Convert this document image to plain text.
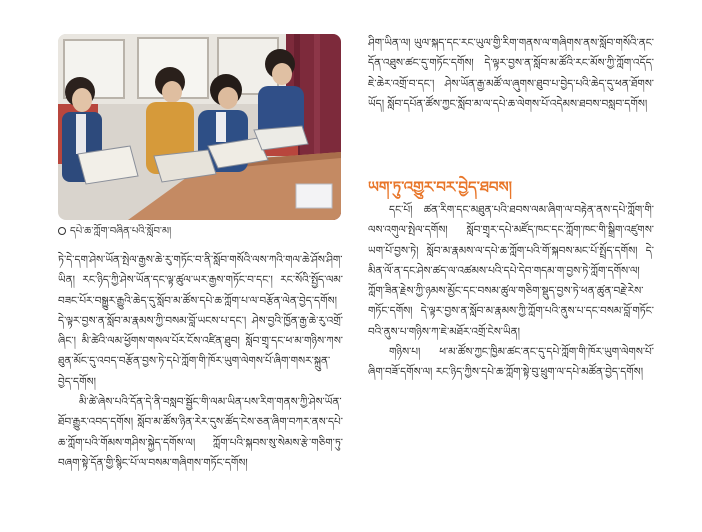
དཔེ་ཆ་ཀློག་བཞིན་པའི་སློབ་མ།
ཏེ་དེ་དག་ཤེས་ཡོན་སྤེལ་རྒྱས་ཆེ་རུ་གཏོང་བ་ནི་སློབ་གསོའི་ལས་ཀའི་གལ་ཆེ་ཤོས་ཤིག་ཡིན། རང་ཉིད་ཀྱི་ཤེས་ཡོན་དང་ལྟ་ཚུལ་ཡར་རྒྱས་གཏོང་བ་དང་། རང་སོའི་སྤྱོད་ལམ་བཟང་པོར་བསྒྱུར་རྒྱུའི་ཆེད་དུ་སློབ་མ་ཚོས་དཔེ་ཆ་ཀློག་པ་ལ་བརྩོན་ལེན་བྱེད་དགོས། དེ་ལྟར་བྱས་ན་སློབ་མ་རྣམས་ཀྱི་བསམ་བློ་ཡངས་པ་དང་། ཤེས་བྱའི་ཁྱོན་རྒྱ་ཆེ་རུ་འགྲོ་ཞིང་། མི་ཚེའི་ལམ་ཕྱོགས་གསལ་པོར་ངོས་འཛིན་ཐུབ། སློབ་གྲྭ་དང་ཕ་མ་གཉིས་ཀས་ཐུན་མོང་དུ་འབད་བརྩོན་བྱས་ཏེ་དཔེ་ཀློག་གི་ཁོར་ཡུག་ལེགས་པོ་ཞིག་གསར་སྐྲུན་བྱེད་དགོས།
མི་ཚེ་ཞེས་པའི་དོན་དེ་ནི་བསླབ་སྦྱོང་གི་ལམ་ཡིན་པས་རིག་གནས་ཀྱི་ཤེས་ཡོན་ཐོབ་རྒྱུར་འབད་དགོས། སློབ་མ་ཚོས་ཉིན་རེར་དུས་ཚོད་ངེས་ཅན་ཞིག་བཀར་ནས་དཔེ་ཆ་ཀློག་པའི་གོམས་གཤིས་སྐྱེད་དགོས་ལ། ཀློག་པའི་སྐབས་སུ་སེམས་རྩེ་གཅིག་ཏུ་བཞག་སྟེ་དོན་གྱི་སྙིང་པོ་ལ་བསམ་གཞིགས་གཏོང་དགོས།
ཤིག་ཡིན་ལ། ཡུལ་སྐད་དང་རང་ཡུལ་གྱི་རིག་གནས་ལ་གཞིགས་ནས་སློབ་གསོའི་ནང་དོན་འཐུས་ཚང་དུ་གཏོང་དགོས། དེ་ལྟར་བྱས་ན་སློབ་མ་ཚོའི་རང་མོས་ཀྱི་ཀློག་འདོད་ཇེ་ཆེར་འགྲོ་བ་དང་། ཤེས་ཡོན་རྒྱ་མཚོ་ལ་ཞུགས་ཐུབ་པ་བྱེད་པའི་ཆེད་དུ་ཕན་ཐོགས་ཡོད། སློབ་དཔོན་ཚོས་ཀྱང་སློབ་མ་ལ་དཔེ་ཆ་ལེགས་པོ་འདེམས་ཐབས་བསླབ་དགོས།
ཡག་ཏུ་འགྱུར་བར་བྱེད་ཐབས།
དང་པོ། ཚན་རིག་དང་མཐུན་པའི་ཐབས་ལམ་ཞིག་ལ་བརྟེན་ནས་དཔེ་ཀློག་གི་ལས་འགུལ་སྤེལ་དགོས། སློབ་གྲྭར་དཔེ་མཛོད་ཁང་དང་ཀློག་ཁང་གི་སྒྲིག་འཛུགས་ཡག་པོ་བྱས་ཏེ། སློབ་མ་རྣམས་ལ་དཔེ་ཆ་ཀློག་པའི་གོ་སྐབས་མང་པོ་སྤྲོད་དགོས། དེ་མིན་ལོ་ན་དང་ཤེས་ཚད་ལ་འཚམས་པའི་དཔེ་དེབ་གདམ་ག་བྱས་ཏེ་ཀློག་དགོས་ལ། ཀློག་ཟིན་རྗེས་ཀྱི་ཉམས་མྱོང་དང་བསམ་ཚུལ་གཅིག་སྡུད་བྱས་ཏེ་ཕན་ཚུན་བརྗེ་རེས་གཏོང་དགོས། དེ་ལྟར་བྱས་ན་སློབ་མ་རྣམས་ཀྱི་ཀློག་པའི་ནུས་པ་དང་བསམ་བློ་གཏོང་བའི་ནུས་པ་གཉིས་ཀ་ཇེ་མཐོར་འགྲོ་ངེས་ཡིན།
གཉིས་པ། ཕ་མ་ཚོས་ཀྱང་ཁྱིམ་ཚང་ནང་དུ་དཔེ་ཀློག་གི་ཁོར་ཡུག་ལེགས་པོ་ཞིག་བཟོ་དགོས་ལ། རང་ཉིད་ཀྱིས་དཔེ་ཆ་ཀློག་སྟེ་བུ་ཕྲུག་ལ་དཔེ་མཚོན་བྱེད་དགོས།
